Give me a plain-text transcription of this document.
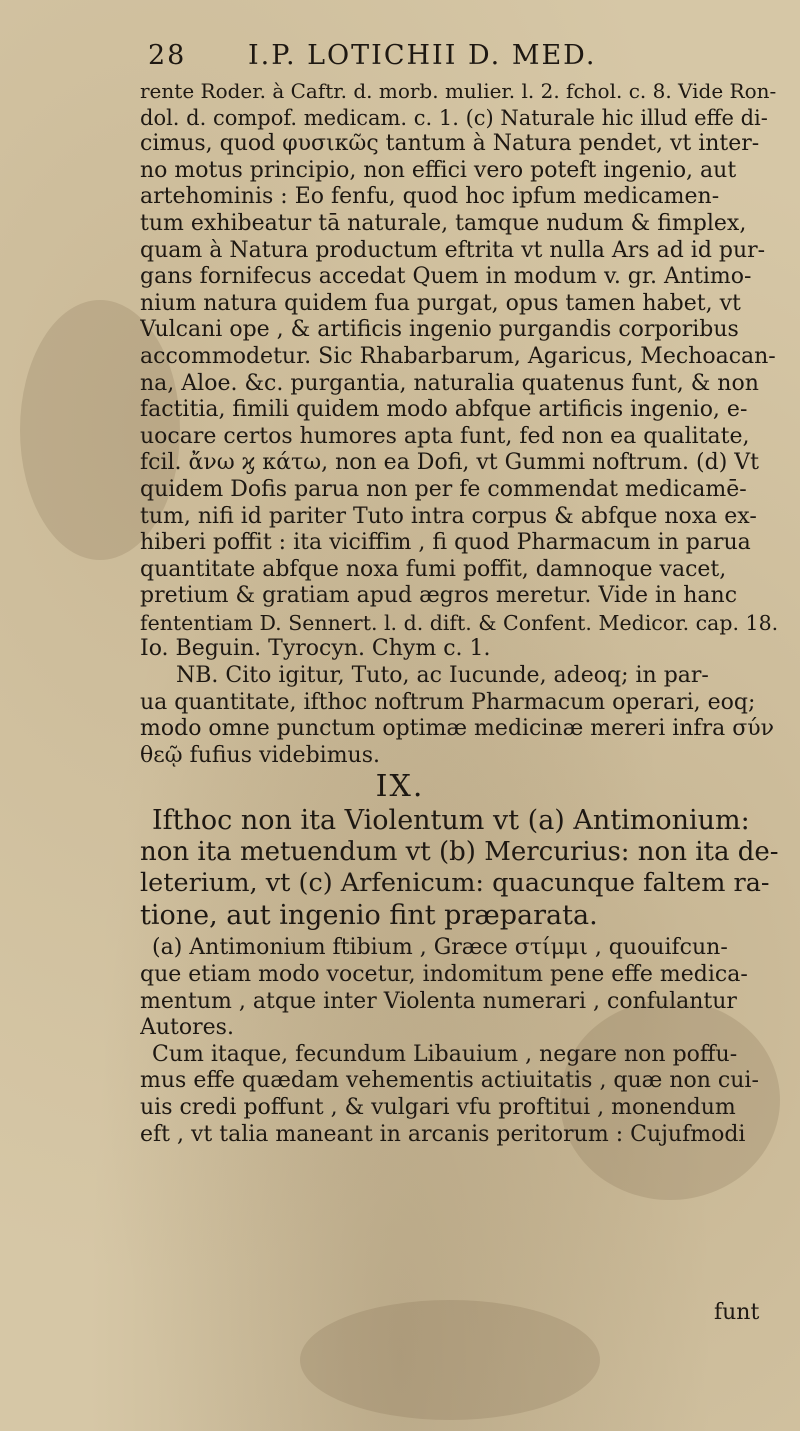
28 I.P. LOTICHII D. MED.
rente Roder. à Caftr. d. morb. mulier. l. 2. fchol. c. 8. Vide Ron-
dol. d. compof. medicam. c. 1. (c) Naturale hic illud effe di-
cimus, quod φυσικῶς tantum à Natura pendet, vt inter-
no motus principio, non effici vero poteft ingenio, aut
artehominis : Eo fenfu, quod hoc ipfum medicamen-
tum exhibeatur tā naturale, tamque nudum & fimplex,
quam à Natura productum eftrita vt nulla Ars ad id pur-
gans fornifecus accedat Quem in modum v. gr. Antimo-
nium natura quidem fua purgat, opus tamen habet, vt
Vulcani ope , & artificis ingenio purgandis corporibus
accommodetur. Sic Rhabarbarum, Agaricus, Mechoacan-
na, Aloe. &c. purgantia, naturalia quatenus funt, & non
factitia, fimili quidem modo abfque artificis ingenio, e-
uocare certos humores apta funt, fed non ea qualitate,
fcil. ἄνω ϗ κάτω, non ea Dofi, vt Gummi noftrum. (d) Vt
quidem Dofis parua non per fe commendat medicamē-
tum, nifi id pariter Tuto intra corpus & abfque noxa ex-
hiberi poffit : ita viciffim , fi quod Pharmacum in parua
quantitate abfque noxa fumi poffit, damnoque vacet,
pretium & gratiam apud ægros meretur. Vide in hanc
fententiam D. Sennert. l. d. dift. & Confent. Medicor. cap. 18.
Io. Beguin. Tyrocyn. Chym c. 1.
NB. Cito igitur, Tuto, ac Iucunde, adeoq; in par-
ua quantitate, ifthoc noftrum Pharmacum operari, eoq;
modo omne punctum optimæ medicinæ mereri infra σύν
θεῷ fufius videbimus.
IX.
Ifthoc non ita Violentum vt (a) Antimonium:
non ita metuendum vt (b) Mercurius: non ita de-
leterium, vt (c) Arfenicum: quacunque faltem ra-
tione, aut ingenio fint præparata.
(a) Antimonium ftibium , Græce στίμμι , quouifcun-
que etiam modo vocetur, indomitum pene effe medica-
mentum , atque inter Violenta numerari , confulantur
Autores.
Cum itaque, fecundum Libauium , negare non poffu-
mus effe quædam vehementis actiuitatis , quæ non cui-
uis credi poffunt , & vulgari vfu proftitui , monendum
eft , vt talia maneant in arcanis peritorum : Cujufmodi
funt
